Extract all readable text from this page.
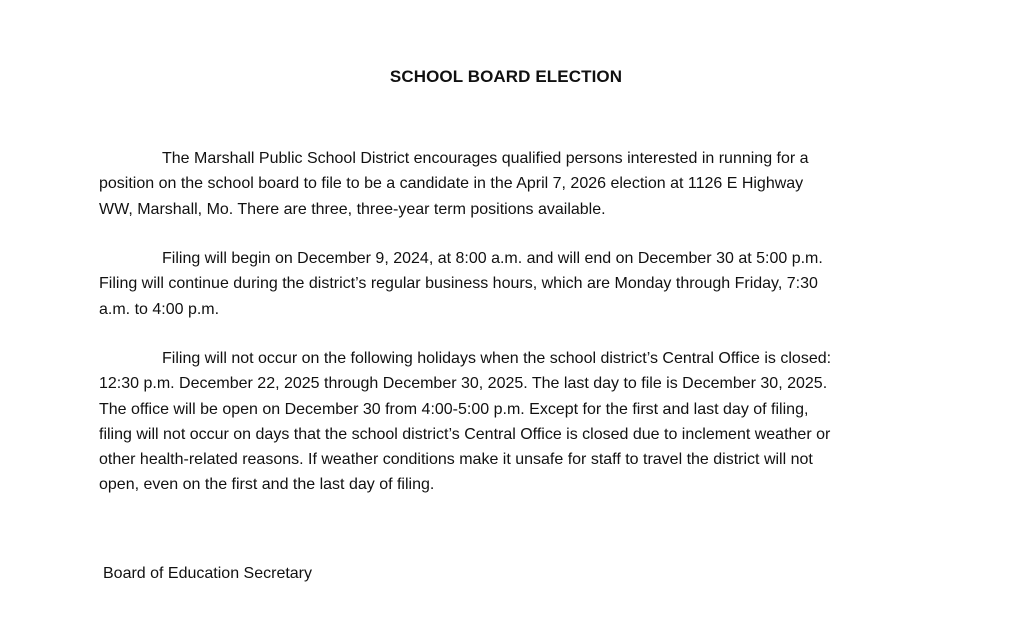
SCHOOL BOARD ELECTION

The Marshall Public School District encourages qualified persons interested in running for a
position on the school board to file to be a candidate in the April 7, 2026 election at 1126 E Highway
WW, Marshall, Mo. There are three, three-year term positions available.

Filing will begin on December 9, 2024, at 8:00 a.m. and will end on December 30 at 5:00 p.m.
Filing will continue during the district’s regular business hours, which are Monday through Friday, 7:30
a.m. to 4:00 p.m.

Filing will not occur on the following holidays when the school district’s Central Office is closed:
12:30 p.m. December 22, 2025 through December 30, 2025. The last day to file is December 30, 2025.
The office will be open on December 30 from 4:00-5:00 p.m. Except for the first and last day of filing,
filing will not occur on days that the school district’s Central Office is closed due to inclement weather or
other health-related reasons. If weather conditions make it unsafe for staff to travel the district will not
open, even on the first and the last day of filing.

Board of Education Secretary
